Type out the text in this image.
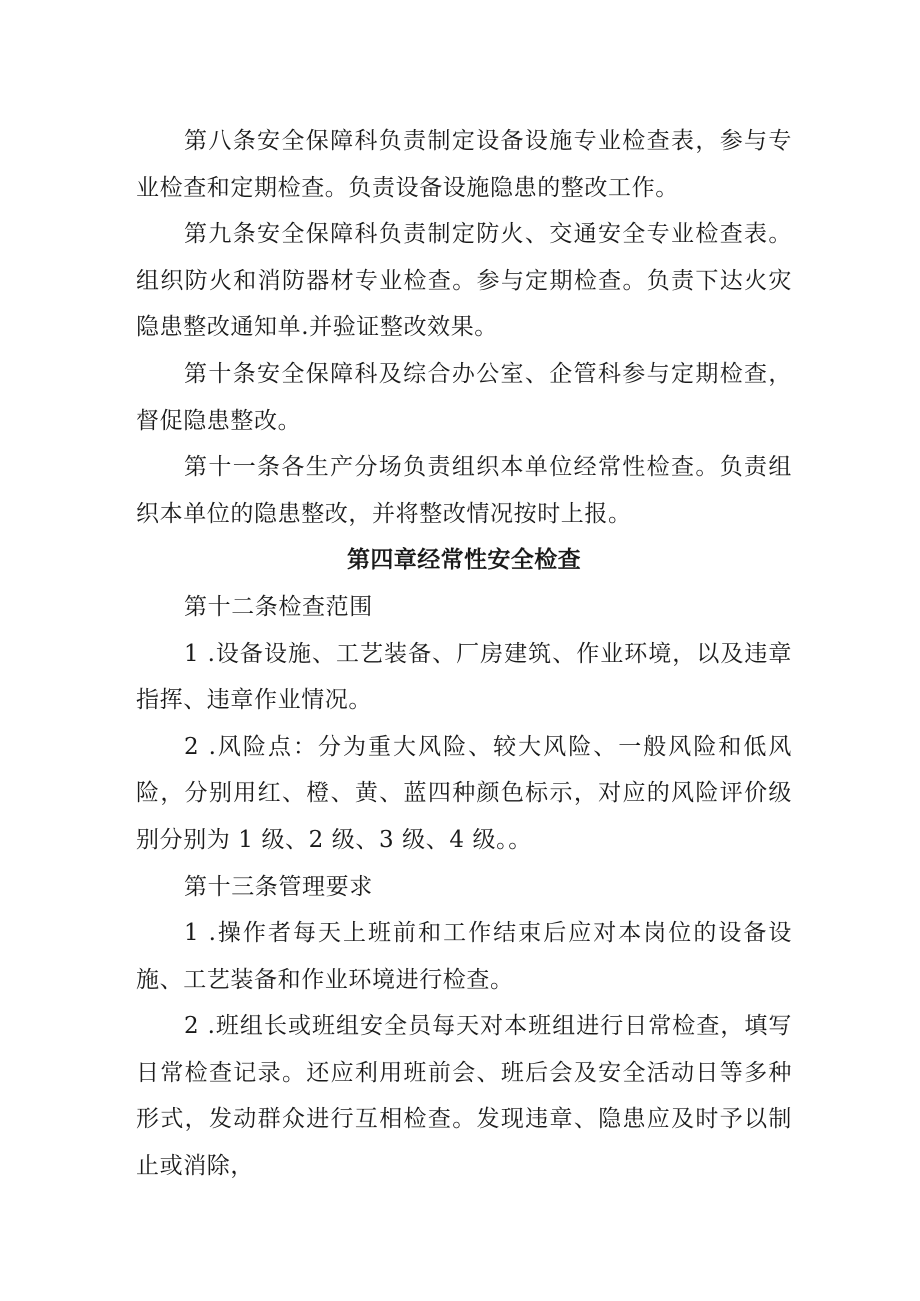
第八条安全保障科负责制定设备设施专业检查表，参与专业检查和定期检查。负责设备设施隐患的整改工作。

第九条安全保障科负责制定防火、交通安全专业检查表。组织防火和消防器材专业检查。参与定期检查。负责下达火灾隐患整改通知单.并验证整改效果。

第十条安全保障科及综合办公室、企管科参与定期检查，督促隐患整改。

第十一条各生产分场负责组织本单位经常性检查。负责组织本单位的隐患整改，并将整改情况按时上报。

第四章经常性安全检查

第十二条检查范围

1 .设备设施、工艺装备、厂房建筑、作业环境，以及违章指挥、违章作业情况。

2 .风险点：分为重大风险、较大风险、一般风险和低风险，分别用红、橙、黄、蓝四种颜色标示，对应的风险评价级别分别为 1 级、2 级、3 级、4 级。。

第十三条管理要求

1 .操作者每天上班前和工作结束后应对本岗位的设备设施、工艺装备和作业环境进行检查。

2 .班组长或班组安全员每天对本班组进行日常检查，填写日常检查记录。还应利用班前会、班后会及安全活动日等多种形式，发动群众进行互相检查。发现违章、隐患应及时予以制止或消除，
